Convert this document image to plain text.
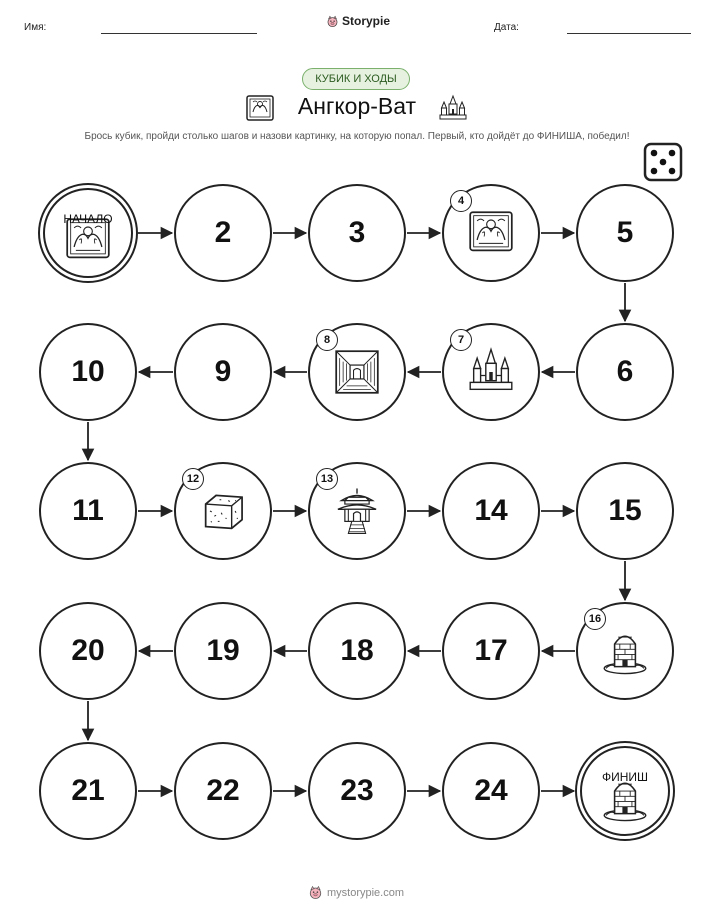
Имя:	Storypie	Дата:
КУБИК И ХОДЫ
Ангкор-Ват
Брось кубик, пройди столько шагов и назови картинку, на которую попал. Первый, кто дойдёт до ФИНИША, победил!
НАЧАЛО	2	3
4
5
6
7
8
9
10
11
12	13
14	15
16
17
18
19
20
21	22	23	24	ФИНИШ
mystorypie.com
